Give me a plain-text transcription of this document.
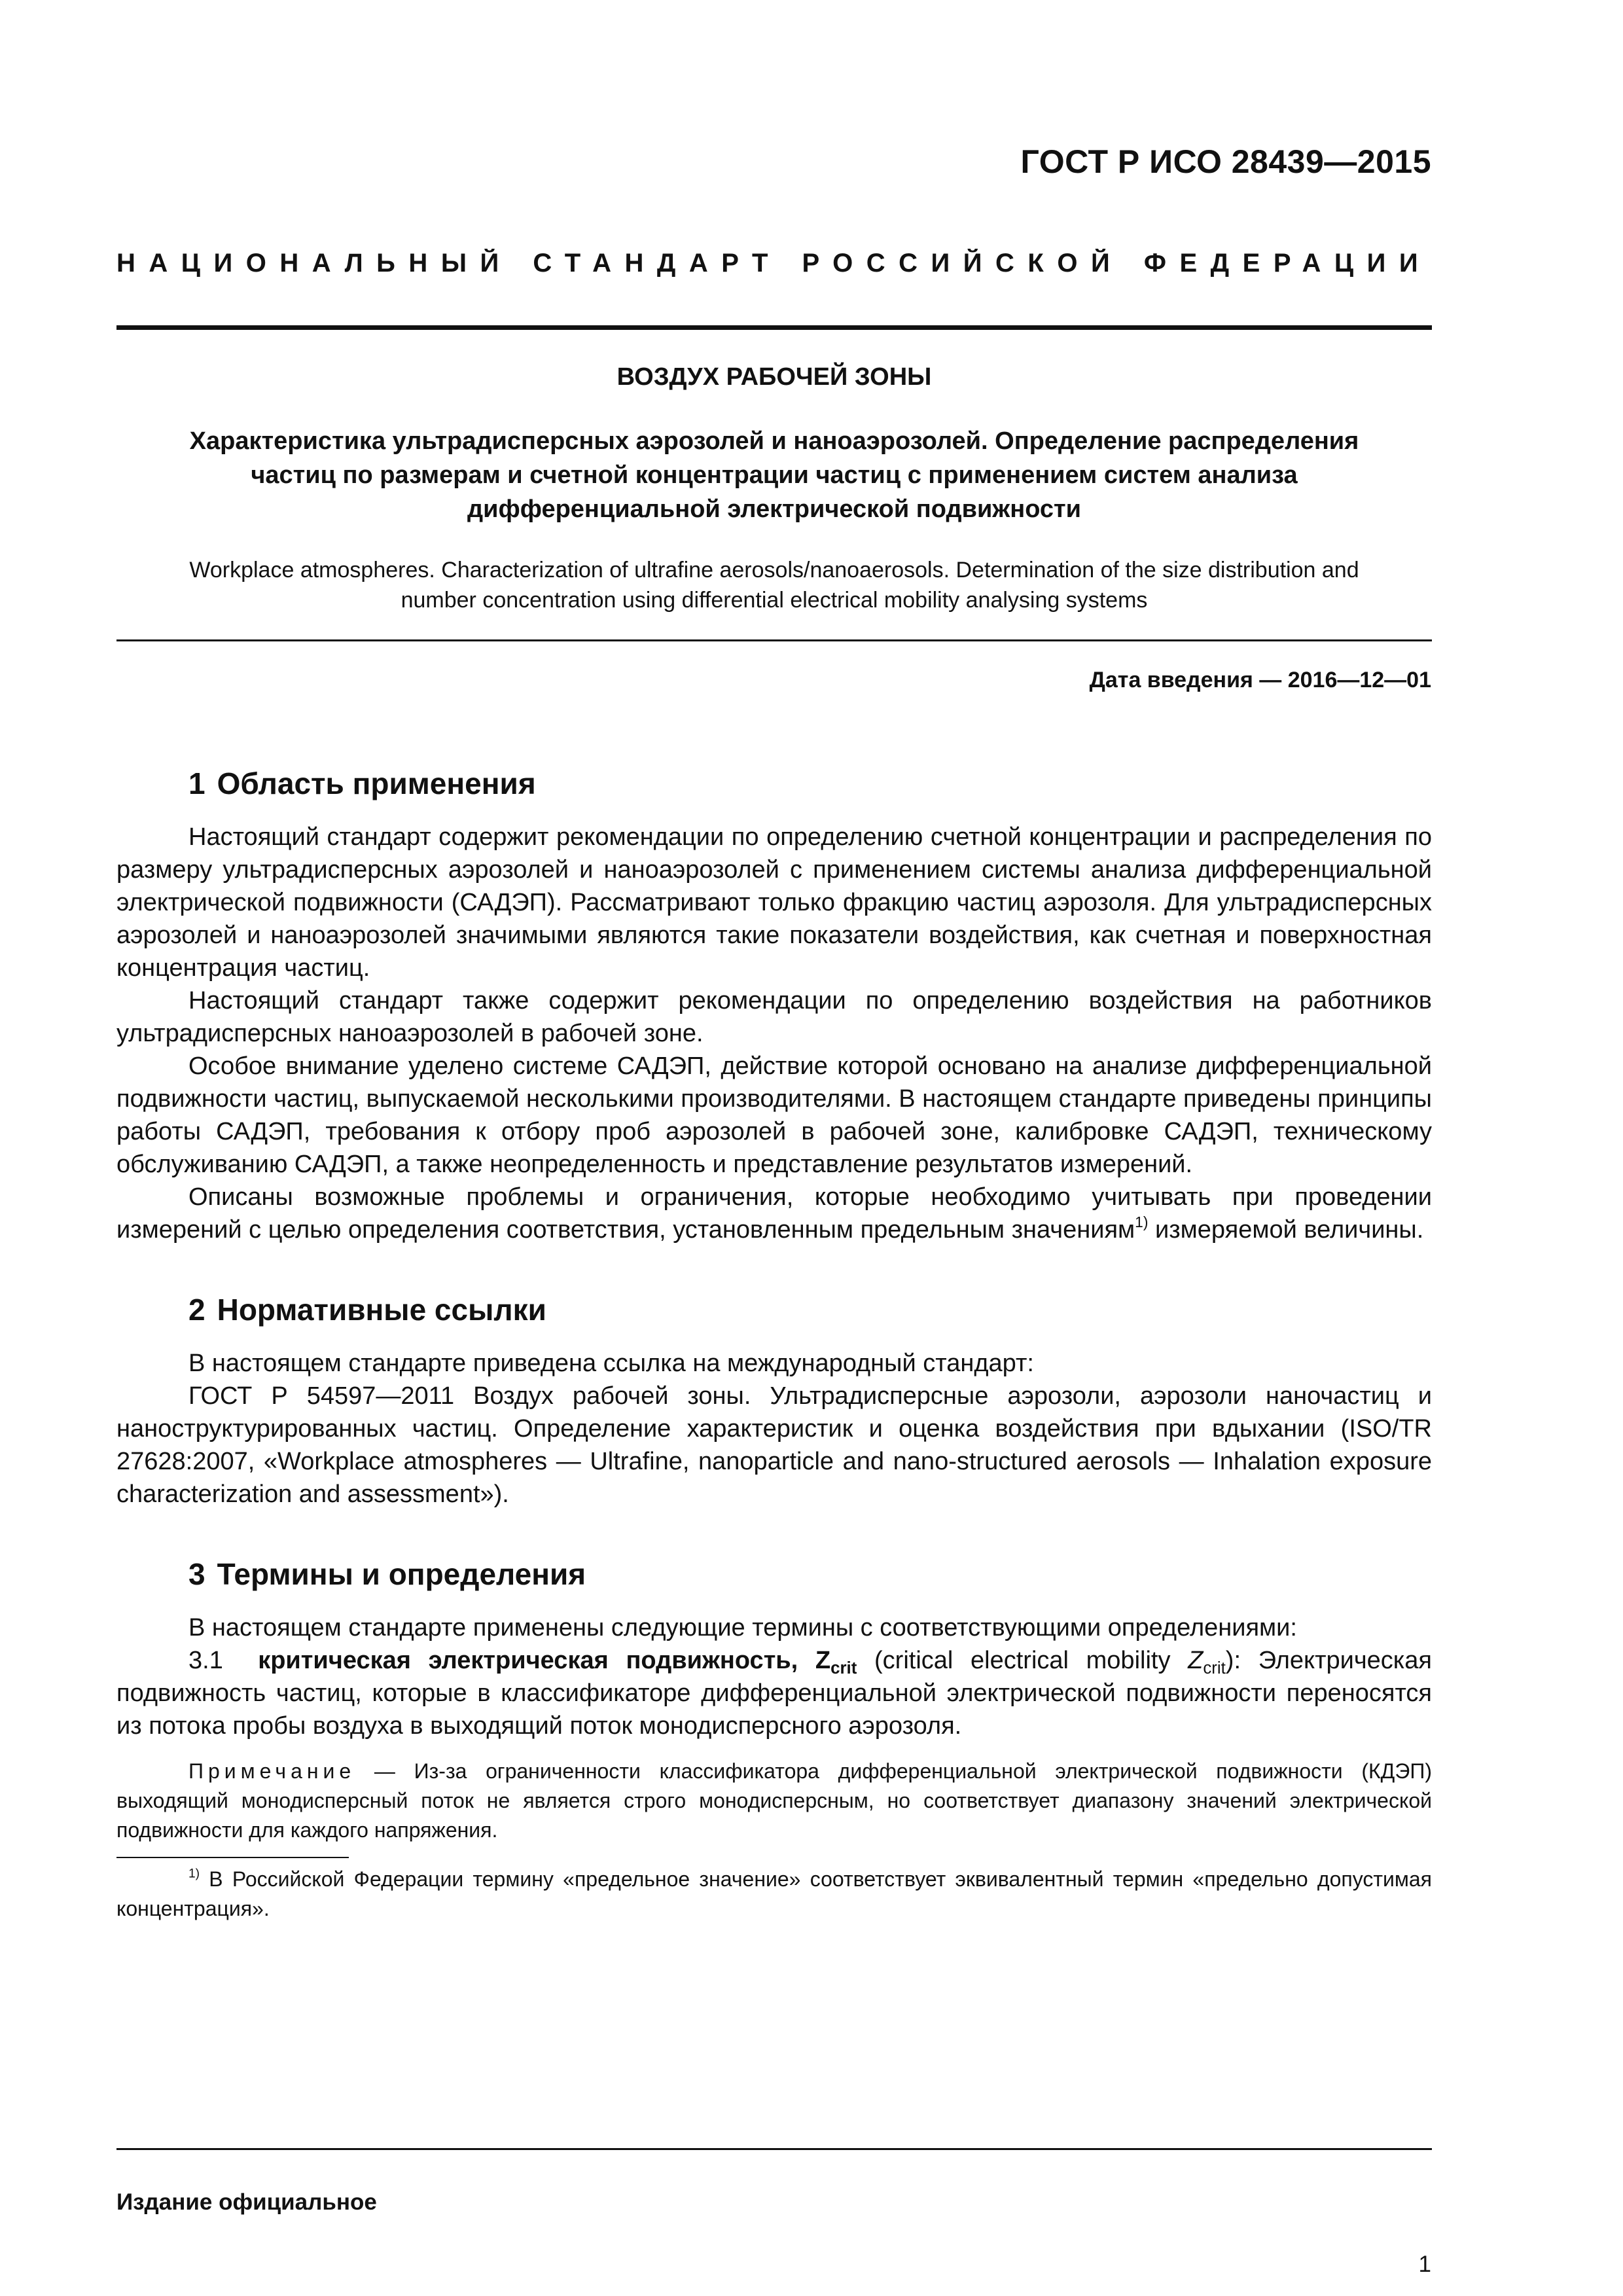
ГОСТ Р ИСО 28439—2015
НАЦИОНАЛЬНЫЙ СТАНДАРТ РОССИЙСКОЙ ФЕДЕРАЦИИ
ВОЗДУХ РАБОЧЕЙ ЗОНЫ

Характеристика ультрадисперсных аэрозолей и наноаэрозолей. Определение распределения
частиц по размерам и счетной концентрации частиц с применением систем анализа
дифференциальной электрической подвижности

Workplace atmospheres. Characterization of ultrafine aerosols/nanoaerosols. Determination of the size distribution and
number concentration using differential electrical mobility analysing systems

Дата введения — 2016—12—01
1 Область применения

Настоящий стандарт содержит рекомендации по определению счетной концентрации и распределения по размеру ультрадисперсных аэрозолей и наноаэрозолей с применением системы анализа дифференциальной электрической подвижности (САДЭП). Рассматривают только фракцию частиц аэрозоля. Для ультрадисперсных аэрозолей и наноаэрозолей значимыми являются такие показатели воздействия, как счетная и поверхностная концентрация частиц.

Настоящий стандарт также содержит рекомендации по определению воздействия на работников ультрадисперсных наноаэрозолей в рабочей зоне.

Особое внимание уделено системе САДЭП, действие которой основано на анализе дифференциальной подвижности частиц, выпускаемой несколькими производителями. В настоящем стандарте приведены принципы работы САДЭП, требования к отбору проб аэрозолей в рабочей зоне, калибровке САДЭП, техническому обслуживанию САДЭП, а также неопределенность и представление результатов измерений.

Описаны возможные проблемы и ограничения, которые необходимо учитывать при проведении измерений с целью определения соответствия, установленным предельным значениям$^{1)}$ измеряемой величины.

2 Нормативные ссылки

В настоящем стандарте приведена ссылка на международный стандарт:

ГОСТ Р 54597—2011 Воздух рабочей зоны. Ультрадисперсные аэрозоли, аэрозоли наночастиц и наноструктурированных частиц. Определение характеристик и оценка воздействия при вдыхании (ISO/TR 27628:2007, «Workplace atmospheres — Ultrafine, nanoparticle and nano-structured aerosols — Inhalation exposure characterization and assessment»).

3 Термины и определения

В настоящем стандарте применены следующие термины с соответствующими определениями:

3.1 критическая электрическая подвижность, $Z_{crit}$ (critical electrical mobility $Z_{crit}$): Электрическая подвижность частиц, которые в классификаторе дифференциальной электрической подвижности переносятся из потока пробы воздуха в выходящий поток монодисперсного аэрозоля.

Примечание — Из-за ограниченности классификатора дифференциальной электрической подвижности (КДЭП) выходящий монодисперсный поток не является строго монодисперсным, но соответствует диапазону значений электрической подвижности для каждого напряжения.

$^{1)}$ В Российской Федерации термину «предельное значение» соответствует эквивалентный термин «предельно допустимая концентрация».

Издание официальное
1
